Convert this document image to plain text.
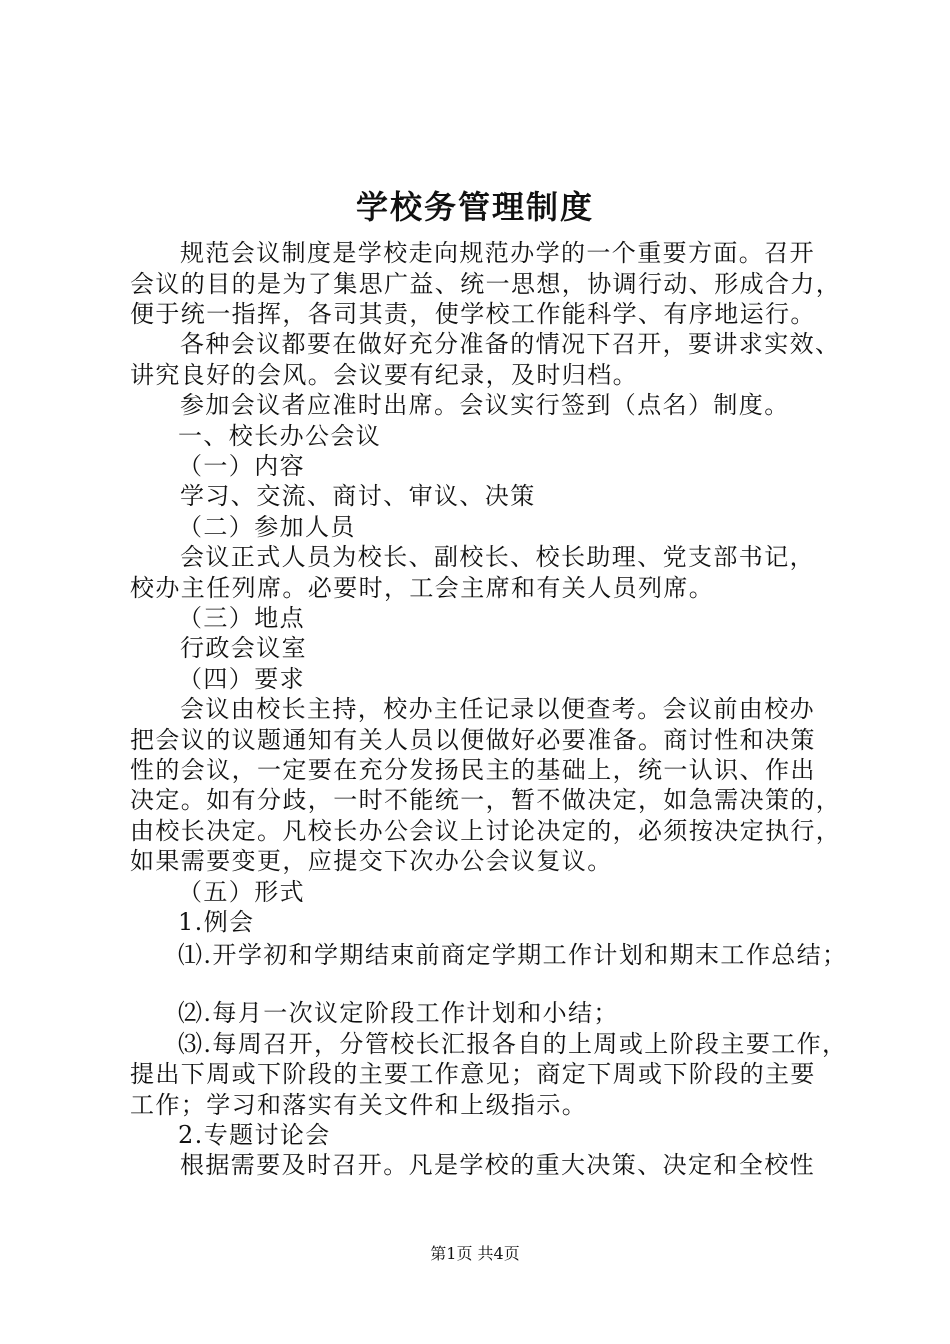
学校务管理制度
规范会议制度是学校走向规范办学的一个重要方面。召开
会议的目的是为了集思广益、统一思想，协调行动、形成合力，
便于统一指挥，各司其责，使学校工作能科学、有序地运行。
各种会议都要在做好充分准备的情况下召开，要讲求实效、
讲究良好的会风。会议要有纪录，及时归档。
参加会议者应准时出席。会议实行签到（点名）制度。
一、校长办公会议
（一）内容
学习、交流、商讨、审议、决策
（二）参加人员
会议正式人员为校长、副校长、校长助理、党支部书记，
校办主任列席。必要时，工会主席和有关人员列席。
（三）地点
行政会议室
（四）要求
会议由校长主持，校办主任记录以便查考。会议前由校办
把会议的议题通知有关人员以便做好必要准备。商讨性和决策
性的会议，一定要在充分发扬民主的基础上，统一认识、作出
决定。如有分歧，一时不能统一，暂不做决定，如急需决策的，
由校长决定。凡校长办公会议上讨论决定的，必须按决定执行，
如果需要变更，应提交下次办公会议复议。
（五）形式
1.例会
⑴.开学初和学期结束前商定学期工作计划和期末工作总结；
⑵.每月一次议定阶段工作计划和小结；
⑶.每周召开，分管校长汇报各自的上周或上阶段主要工作，
提出下周或下阶段的主要工作意见；商定下周或下阶段的主要
工作；学习和落实有关文件和上级指示。
2.专题讨论会
根据需要及时召开。凡是学校的重大决策、决定和全校性
第1页 共4页
